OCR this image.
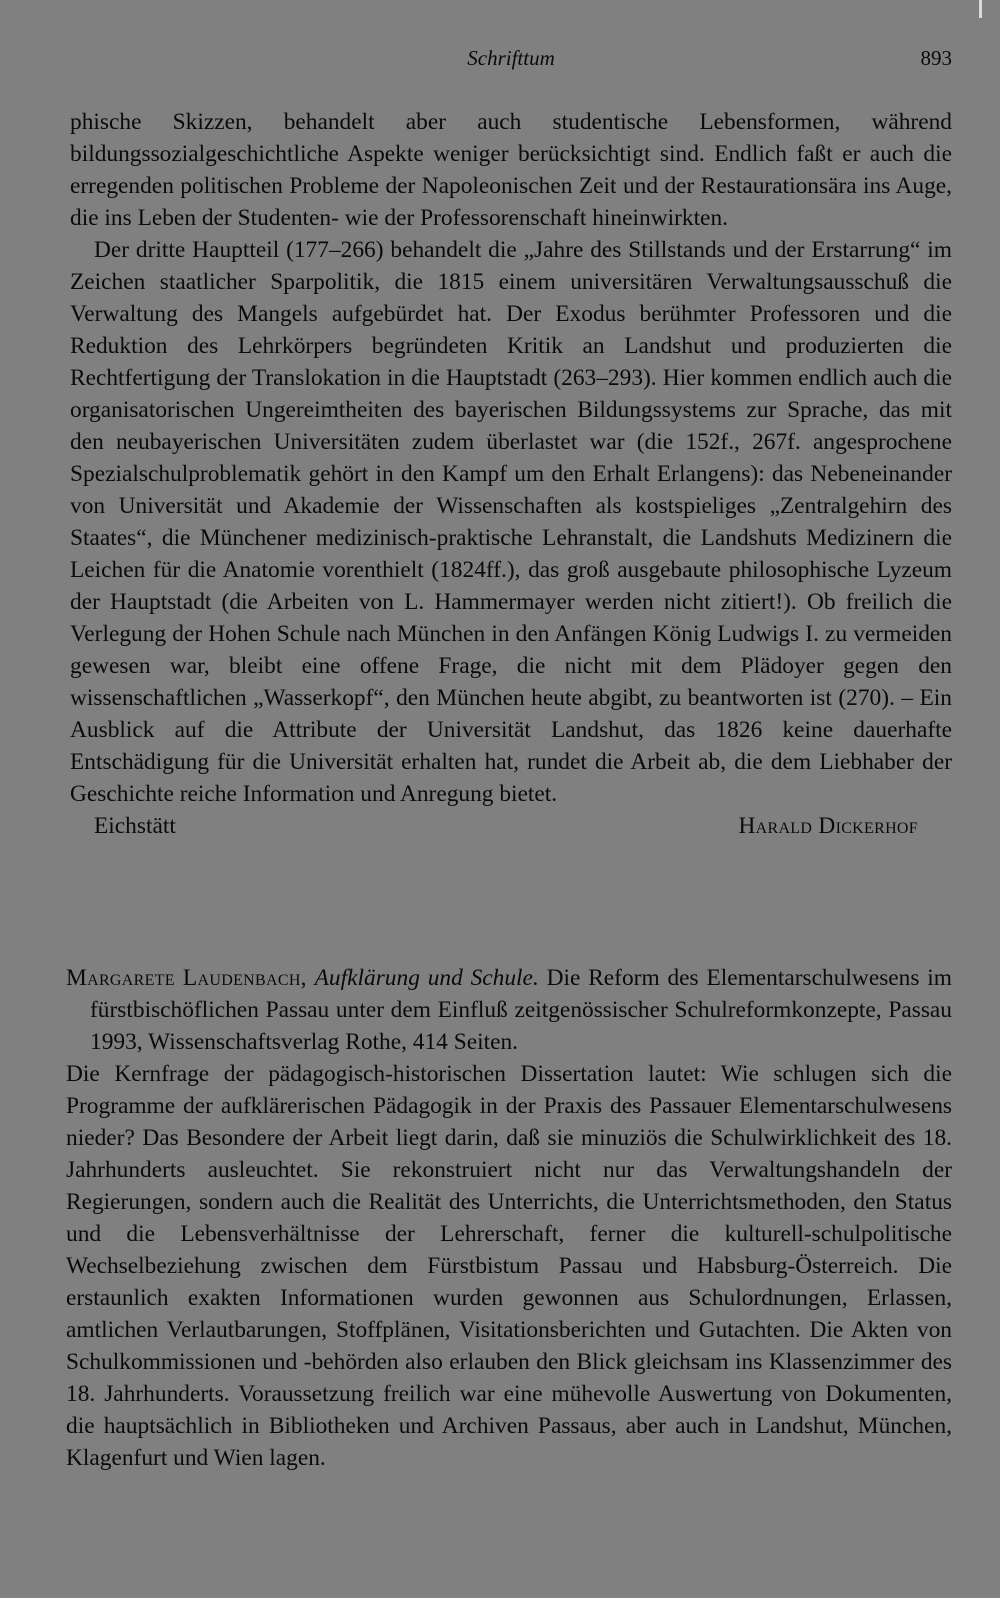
Schrifttum	893

phische Skizzen, behandelt aber auch studentische Lebensformen, während bildungssozialgeschichtliche Aspekte weniger berücksichtigt sind. Endlich faßt er auch die erregenden politischen Probleme der Napoleonischen Zeit und der Restaurationsära ins Auge, die ins Leben der Studenten- wie der Professorenschaft hineinwirkten.

Der dritte Hauptteil (177–266) behandelt die „Jahre des Stillstands und der Erstarrung“ im Zeichen staatlicher Sparpolitik, die 1815 einem universitären Verwaltungsausschuß die Verwaltung des Mangels aufgebürdet hat. Der Exodus berühmter Professoren und die Reduktion des Lehrkörpers begründeten Kritik an Landshut und produzierten die Rechtfertigung der Translokation in die Hauptstadt (263–293). Hier kommen endlich auch die organisatorischen Ungereimtheiten des bayerischen Bildungssystems zur Sprache, das mit den neubayerischen Universitäten zudem überlastet war (die 152f., 267f. angesprochene Spezialschulproblematik gehört in den Kampf um den Erhalt Erlangens): das Nebeneinander von Universität und Akademie der Wissenschaften als kostspieliges „Zentralgehirn des Staates“, die Münchener medizinisch-praktische Lehranstalt, die Landshuts Medizinern die Leichen für die Anatomie vorenthielt (1824ff.), das groß ausgebaute philosophische Lyzeum der Hauptstadt (die Arbeiten von L. Hammermayer werden nicht zitiert!). Ob freilich die Verlegung der Hohen Schule nach München in den Anfängen König Ludwigs I. zu vermeiden gewesen war, bleibt eine offene Frage, die nicht mit dem Plädoyer gegen den wissenschaftlichen „Wasserkopf“, den München heute abgibt, zu beantworten ist (270). – Ein Ausblick auf die Attribute der Universität Landshut, das 1826 keine dauerhafte Entschädigung für die Universität erhalten hat, rundet die Arbeit ab, die dem Liebhaber der Geschichte reiche Information und Anregung bietet.

Eichstätt	Harald Dickerhof

Margarete Laudenbach, Aufklärung und Schule. Die Reform des Elementarschulwesens im fürstbischöflichen Passau unter dem Einfluß zeitgenössischer Schulreformkonzepte, Passau 1993, Wissenschaftsverlag Rothe, 414 Seiten.

Die Kernfrage der pädagogisch-historischen Dissertation lautet: Wie schlugen sich die Programme der aufklärerischen Pädagogik in der Praxis des Passauer Elementarschulwesens nieder? Das Besondere der Arbeit liegt darin, daß sie minuziös die Schulwirklichkeit des 18. Jahrhunderts ausleuchtet. Sie rekonstruiert nicht nur das Verwaltungshandeln der Regierungen, sondern auch die Realität des Unterrichts, die Unterrichtsmethoden, den Status und die Lebensverhältnisse der Lehrerschaft, ferner die kulturell-schulpolitische Wechselbeziehung zwischen dem Fürstbistum Passau und Habsburg-Österreich. Die erstaunlich exakten Informationen wurden gewonnen aus Schulordnungen, Erlassen, amtlichen Verlautbarungen, Stoffplänen, Visitationsberichten und Gutachten. Die Akten von Schulkommissionen und -behörden also erlauben den Blick gleichsam ins Klassenzimmer des 18. Jahrhunderts. Voraussetzung freilich war eine mühevolle Auswertung von Dokumenten, die hauptsächlich in Bibliotheken und Archiven Passaus, aber auch in Landshut, München, Klagenfurt und Wien lagen.
